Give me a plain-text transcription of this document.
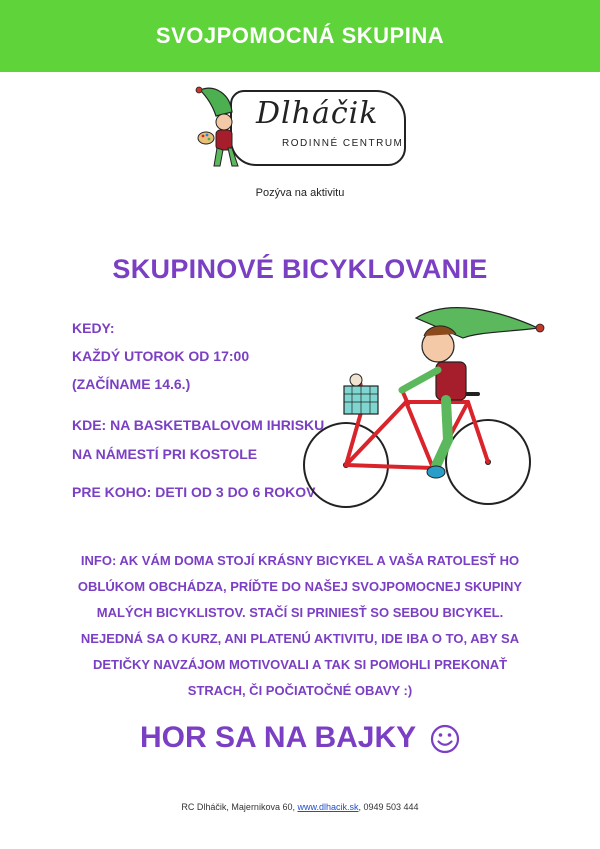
SVOJPOMOCNÁ SKUPINA
Dlháčik
RODINNÉ CENTRUM
Pozýva na aktivitu
SKUPINOVÉ BICYKLOVANIE
KEDY:
KAŽDÝ UTOROK OD 17:00
(ZAČÍNAME 14.6.)
KDE: NA BASKETBALOVOM IHRISKU
NA NÁMESTÍ PRI KOSTOLE
PRE KOHO: DETI OD 3 DO 6 ROKOV
INFO: AK VÁM DOMA STOJÍ KRÁSNY BICYKEL A VAŠA RATOLESŤ HO
OBLÚKOM OBCHÁDZA, PRÍĎTE DO NAŠEJ SVOJPOMOCNEJ SKUPINY
MALÝCH BICYKLISTOV. STAČÍ SI PRINIESŤ SO SEBOU BICYKEL.
NEJEDNÁ SA O KURZ, ANI PLATENÚ AKTIVITU, IDE IBA O TO, ABY SA
DETIČKY NAVZÁJOM MOTIVOVALI A TAK SI POMOHLI PREKONAŤ
STRACH, ČI POČIATOČNÉ OBAVY :)
HOR SA NA BAJKY
RC Dlháčik, Majernikova 60, www.dlhacik.sk, 0949 503 444
